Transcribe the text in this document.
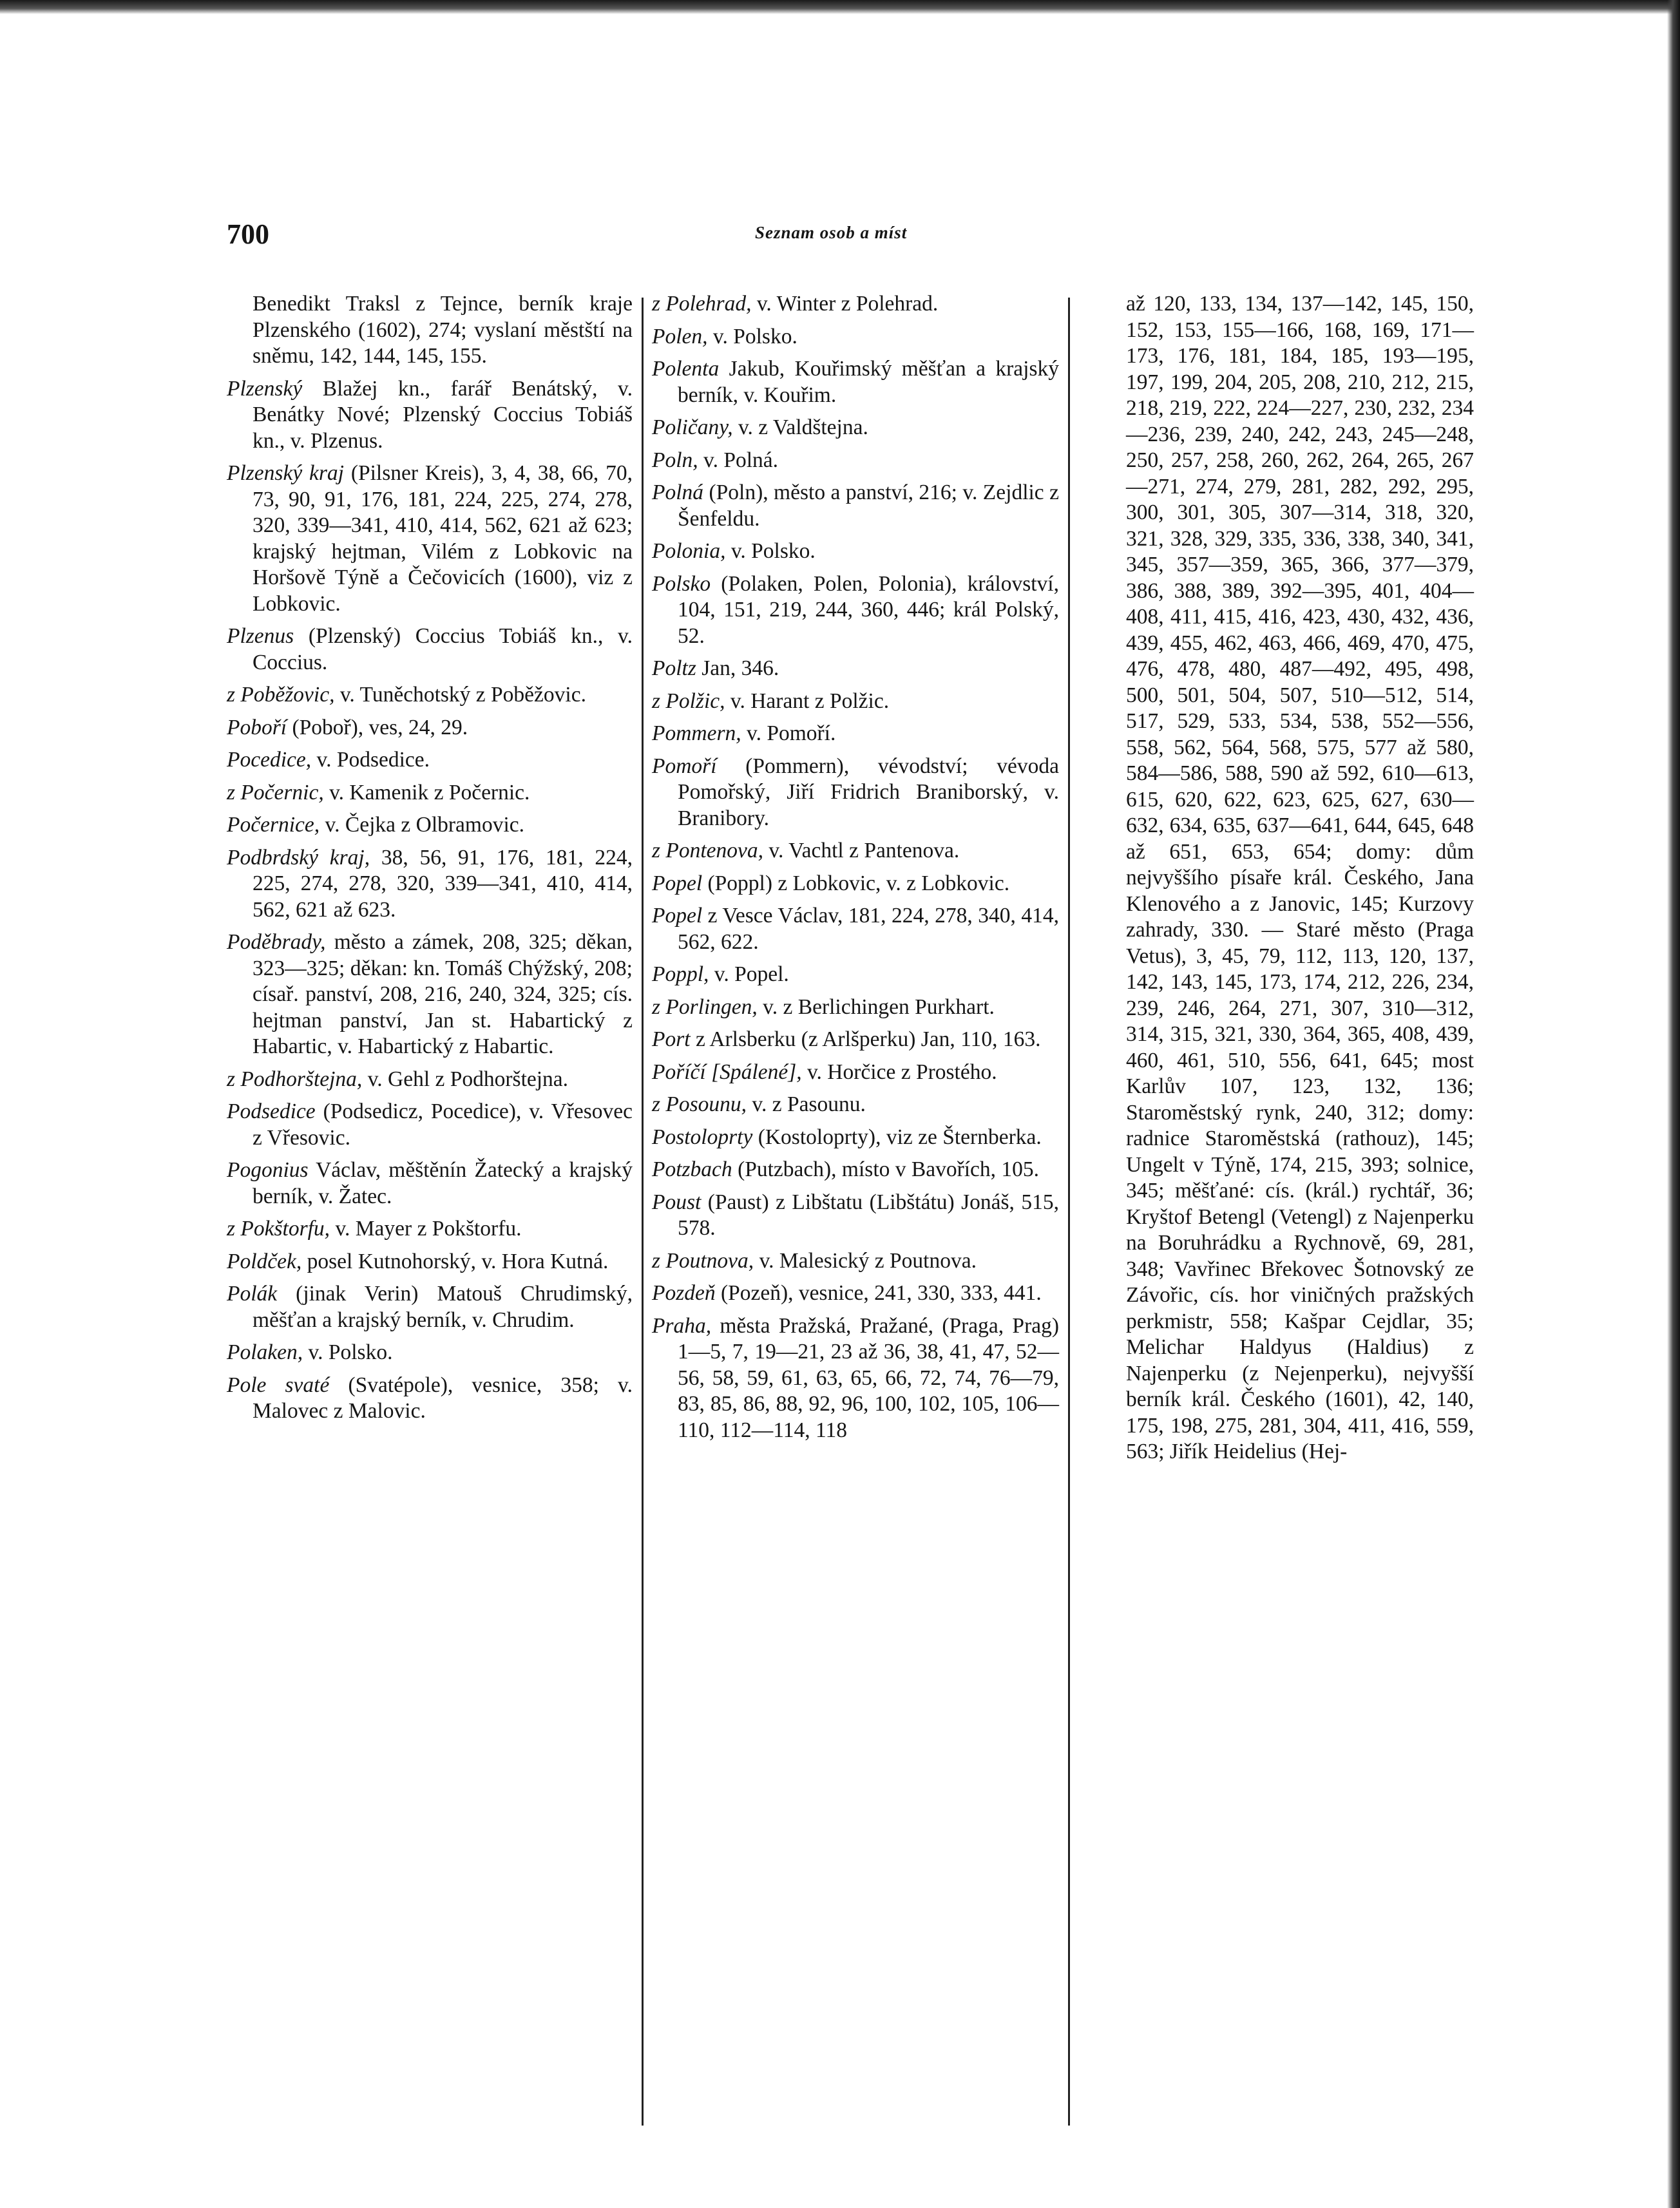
700	Seznam osob a míst
Benedikt Traksl z Tejnce, berník kraje Plzenského (1602), 274; vyslaní městští na sněmu, 142, 144, 145, 155.
Plzenský Blažej kn., farář Benátský, v. Benátky Nové; Plzenský Coccius Tobiáš kn., v. Plzenus.
Plzenský kraj (Pilsner Kreis), 3, 4, 38, 66, 70, 73, 90, 91, 176, 181, 224, 225, 274, 278, 320, 339—341, 410, 414, 562, 621 až 623; krajský hejtman, Vilém z Lobkovic na Horšově Týně a Čečovicích (1600), viz z Lobkovic.
Plzenus (Plzenský) Coccius Tobiáš kn., v. Coccius.
z Poběžovic, v. Tuněchotský z Poběžovic.
Pobоří (Poboř), ves, 24, 29.
Pocedice, v. Podsedice.
z Počernic, v. Kamenik z Počernic.
Počernice, v. Čejka z Olbramovic.
Podbrdský kraj, 38, 56, 91, 176, 181, 224, 225, 274, 278, 320, 339—341, 410, 414, 562, 621 až 623.
Poděbrady, město a zámek, 208, 325; děkan, 323—325; děkan: kn. Tomáš Chýžský, 208; císař. panství, 208, 216, 240, 324, 325; cís. hejtman panství, Jan st. Habartický z Habartic, v. Habartický z Habartic.
z Podhorštejna, v. Gehl z Podhorštejna.
Podsedice (Podsedicz, Pocedice), v. Vřesovec z Vřesovic.
Pogonius Václav, měštěnín Žatecký a krajský berník, v. Žatec.
z Pokštorfu, v. Mayer z Pokštorfu.
Poldček, posel Kutnohorský, v. Hora Kutná.
Polák (jinak Verin) Matouš Chrudimský, měšťan a krajský berník, v. Chrudim.
Polaken, v. Polsko.
Pole svaté (Svatépole), vesnice, 358; v. Malovec z Malovic.
z Polehrad, v. Winter z Polehrad.
Polen, v. Polsko.
Polenta Jakub, Kouřimský měšťan a krajský berník, v. Kouřim.
Poličany, v. z Valdštejna.
Poln, v. Polná.
Polná (Poln), město a panství, 216; v. Zejdlic z Šenfeldu.
Polonia, v. Polsko.
Polsko (Polaken, Polen, Polonia), království, 104, 151, 219, 244, 360, 446; král Polský, 52.
Poltz Jan, 346.
z Polžic, v. Harant z Polžic.
Pommern, v. Pomoří.
Pomoří (Pommern), vévodství; vévoda Pomořský, Jiří Fridrich Braniborský, v. Branibory.
z Pontenova, v. Vachtl z Pantenova.
Popel (Poppl) z Lobkovic, v. z Lobkovic.
Popel z Vesce Václav, 181, 224, 278, 340, 414, 562, 622.
Poppl, v. Popel.
z Porlingen, v. z Berlichingen Purkhart.
Port z Arlsberku (z Arlšperku) Jan, 110, 163.
Poříčí [Spálené], v. Horčice z Prostého.
z Posounu, v. z Pasounu.
Postoloprty (Kostoloprty), viz ze Šternberka.
Potzbach (Putzbach), místo v Bavořích, 105.
Poust (Paust) z Libštatu (Libštátu) Jonáš, 515, 578.
z Poutnova, v. Malesický z Poutnova.
Pozdeň (Pozeň), vesnice, 241, 330, 333, 441.
Praha, města Pražská, Pražané, (Praga, Prag) 1—5, 7, 19—21, 23 až 36, 38, 41, 47, 52—56, 58, 59, 61, 63, 65, 66, 72, 74, 76—79, 83, 85, 86, 88, 92, 96, 100, 102, 105, 106—110, 112—114, 118
až 120, 133, 134, 137—142, 145, 150, 152, 153, 155—166, 168, 169, 171—173, 176, 181, 184, 185, 193—195, 197, 199, 204, 205, 208, 210, 212, 215, 218, 219, 222, 224—227, 230, 232, 234—236, 239, 240, 242, 243, 245—248, 250, 257, 258, 260, 262, 264, 265, 267—271, 274, 279, 281, 282, 292, 295, 300, 301, 305, 307—314, 318, 320, 321, 328, 329, 335, 336, 338, 340, 341, 345, 357—359, 365, 366, 377—379, 386, 388, 389, 392—395, 401, 404—408, 411, 415, 416, 423, 430, 432, 436, 439, 455, 462, 463, 466, 469, 470, 475, 476, 478, 480, 487—492, 495, 498, 500, 501, 504, 507, 510—512, 514, 517, 529, 533, 534, 538, 552—556, 558, 562, 564, 568, 575, 577 až 580, 584—586, 588, 590 až 592, 610—613, 615, 620, 622, 623, 625, 627, 630—632, 634, 635, 637—641, 644, 645, 648 až 651, 653, 654; domy: dům nejvyššího písaře král. Českého, Jana Klenového a z Janovic, 145; Kurzovy zahrady, 330. — Staré město (Praga Vetus), 3, 45, 79, 112, 113, 120, 137, 142, 143, 145, 173, 174, 212, 226, 234, 239, 246, 264, 271, 307, 310—312, 314, 315, 321, 330, 364, 365, 408, 439, 460, 461, 510, 556, 641, 645; most Karlův 107, 123, 132, 136; Staroměstský rynk, 240, 312; domy: radnice Staroměstská (rathouz), 145; Ungelt v Týně, 174, 215, 393; solnice, 345; měšťané: cís. (král.) rychtář, 36; Kryštof Betengl (Vetengl) z Najenperku na Boruhrádku a Rychnově, 69, 281, 348; Vavřinec Břekovec Šotnovský ze Závořic, cís. hor viničných pražských perkmistr, 558; Kašpar Cejdlar, 35; Melichar Haldyus (Haldius) z Najenperku (z Nejenperku), nejvyšší berník král. Českého (1601), 42, 140, 175, 198, 275, 281, 304, 411, 416, 559, 563; Jiřík Heidelius (Hej-
